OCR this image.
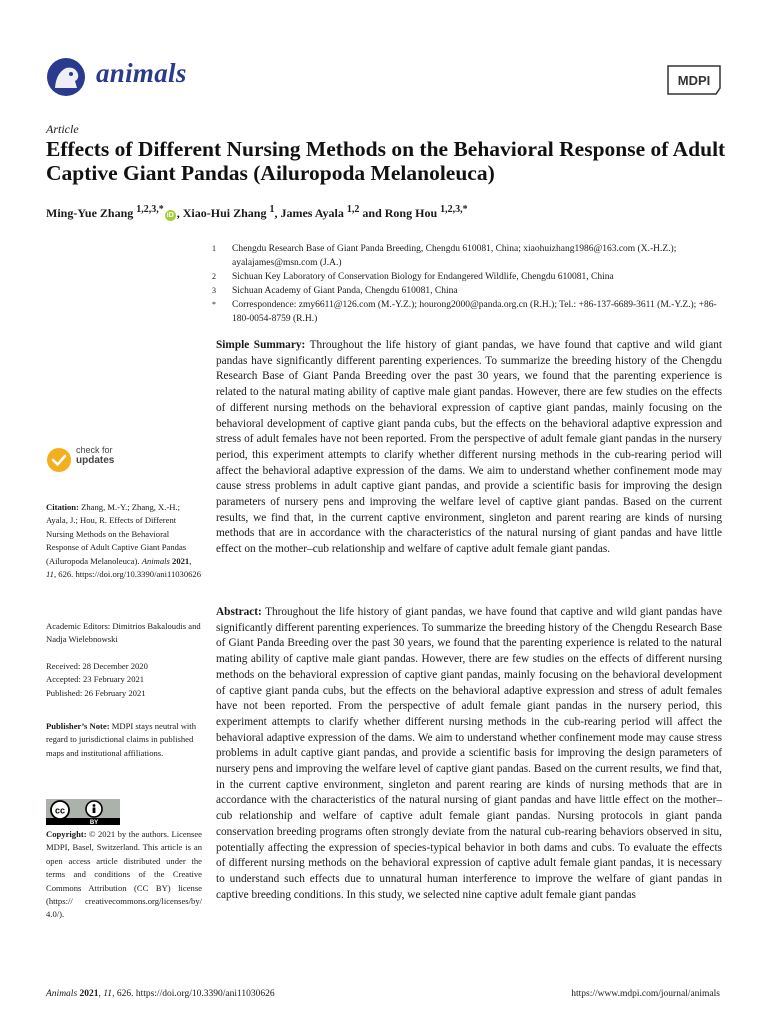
animals	MDPI
Article
Effects of Different Nursing Methods on the Behavioral Response of Adult Captive Giant Pandas (Ailuropoda Melanoleuca)
Ming-Yue Zhang $^{1,2,3,*}$iD , Xiao-Hui Zhang $^1$, James Ayala $^{1,2}$ and Rong Hou $^{1,2,3,*}$
1	Chengdu Research Base of Giant Panda Breeding, Chengdu 610081, China; xiaohuizhang1986@163.com (X.-H.Z.); ayalajames@msn.com (J.A.)
2	Sichuan Key Laboratory of Conservation Biology for Endangered Wildlife, Chengdu 610081, China
3	Sichuan Academy of Giant Panda, Chengdu 610081, China
*	Correspondence: zmy6611@126.com (M.-Y.Z.); hourong2000@panda.org.cn (R.H.); Tel.: +86-137-6689-3611 (M.-Y.Z.); +86-180-0054-8759 (R.H.)
Simple Summary: Throughout the life history of giant pandas, we have found that captive and wild giant pandas have significantly different parenting experiences. To summarize the breeding history of the Chengdu Research Base of Giant Panda Breeding over the past 30 years, we found that the parenting experience is related to the natural mating ability of captive male giant pandas. However, there are few studies on the effects of different nursing methods on the behavioral expression of captive giant pandas, mainly focusing on the behavioral development of captive giant panda cubs, but the effects on the behavioral adaptive expression and stress of adult females have not been reported. From the perspective of adult female giant pandas in the nursery period, this experiment attempts to clarify whether different nursing methods in the cub-rearing period will affect the behavioral adaptive expression of the dams. We aim to understand whether confinement mode may cause stress problems in adult captive giant pandas, and provide a scientific basis for improving the design parameters of nursery pens and improving the welfare level of captive giant pandas. Based on the current results, we find that, in the current captive environment, singleton and parent rearing are kinds of nursing methods that are in accordance with the characteristics of the natural nursing of giant pandas and have little effect on the mother–cub relationship and welfare of captive adult female giant pandas.
Abstract: Throughout the life history of giant pandas, we have found that captive and wild giant pandas have significantly different parenting experiences. To summarize the breeding history of the Chengdu Research Base of Giant Panda Breeding over the past 30 years, we found that the parenting experience is related to the natural mating ability of captive male giant pandas. However, there are few studies on the effects of different nursing methods on the behavioral expression of captive giant pandas, mainly focusing on the behavioral development of captive giant panda cubs, but the effects on the behavioral adaptive expression and stress of adult females have not been reported. From the perspective of adult female giant pandas in the nursery period, this experiment attempts to clarify whether different nursing methods in the cub-rearing period will affect the behavioral adaptive expression of the dams. We aim to understand whether confinement mode may cause stress problems in adult captive giant pandas, and provide a scientific basis for improving the design parameters of nursery pens and improving the welfare level of captive giant pandas. Based on the current results, we find that, in the current captive environment, singleton and parent rearing are kinds of nursing methods that are in accordance with the characteristics of the natural nursing of giant pandas and have little effect on the mother–cub relationship and welfare of captive adult female giant pandas. Nursing protocols in giant panda conservation breeding programs often strongly deviate from the natural cub-rearing behaviors observed in situ, potentially affecting the expression of species-typical behavior in both dams and cubs. To evaluate the effects of different nursing methods on the behavioral expression of captive adult female giant pandas, it is necessary to understand such effects due to unnatural human interference to improve the welfare of giant pandas in captive breeding conditions. In this study, we selected nine captive adult female giant pandas
check for
updates
Citation: Zhang, M.-Y.; Zhang, X.-H.; Ayala, J.; Hou, R. Effects of Different Nursing Methods on the Behavioral Response of Adult Captive Giant Pandas (Ailuropoda Melanoleuca). Animals 2021, 11, 626. https://doi.org/10.3390/ani11030626
Academic Editors: Dimitrios Bakaloudis and Nadja Wielebnowski
Received: 28 December 2020
Accepted: 23 February 2021
Published: 26 February 2021
Publisher’s Note: MDPI stays neutral with regard to jurisdictional claims in published maps and institutional affiliations.
cc
BY
Copyright: © 2021 by the authors. Licensee MDPI, Basel, Switzerland. This article is an open access article distributed under the terms and conditions of the Creative Commons Attribution (CC BY) license (https:// creativecommons.org/licenses/by/ 4.0/).
Animals 2021, 11, 626. https://doi.org/10.3390/ani11030626	https://www.mdpi.com/journal/animals
